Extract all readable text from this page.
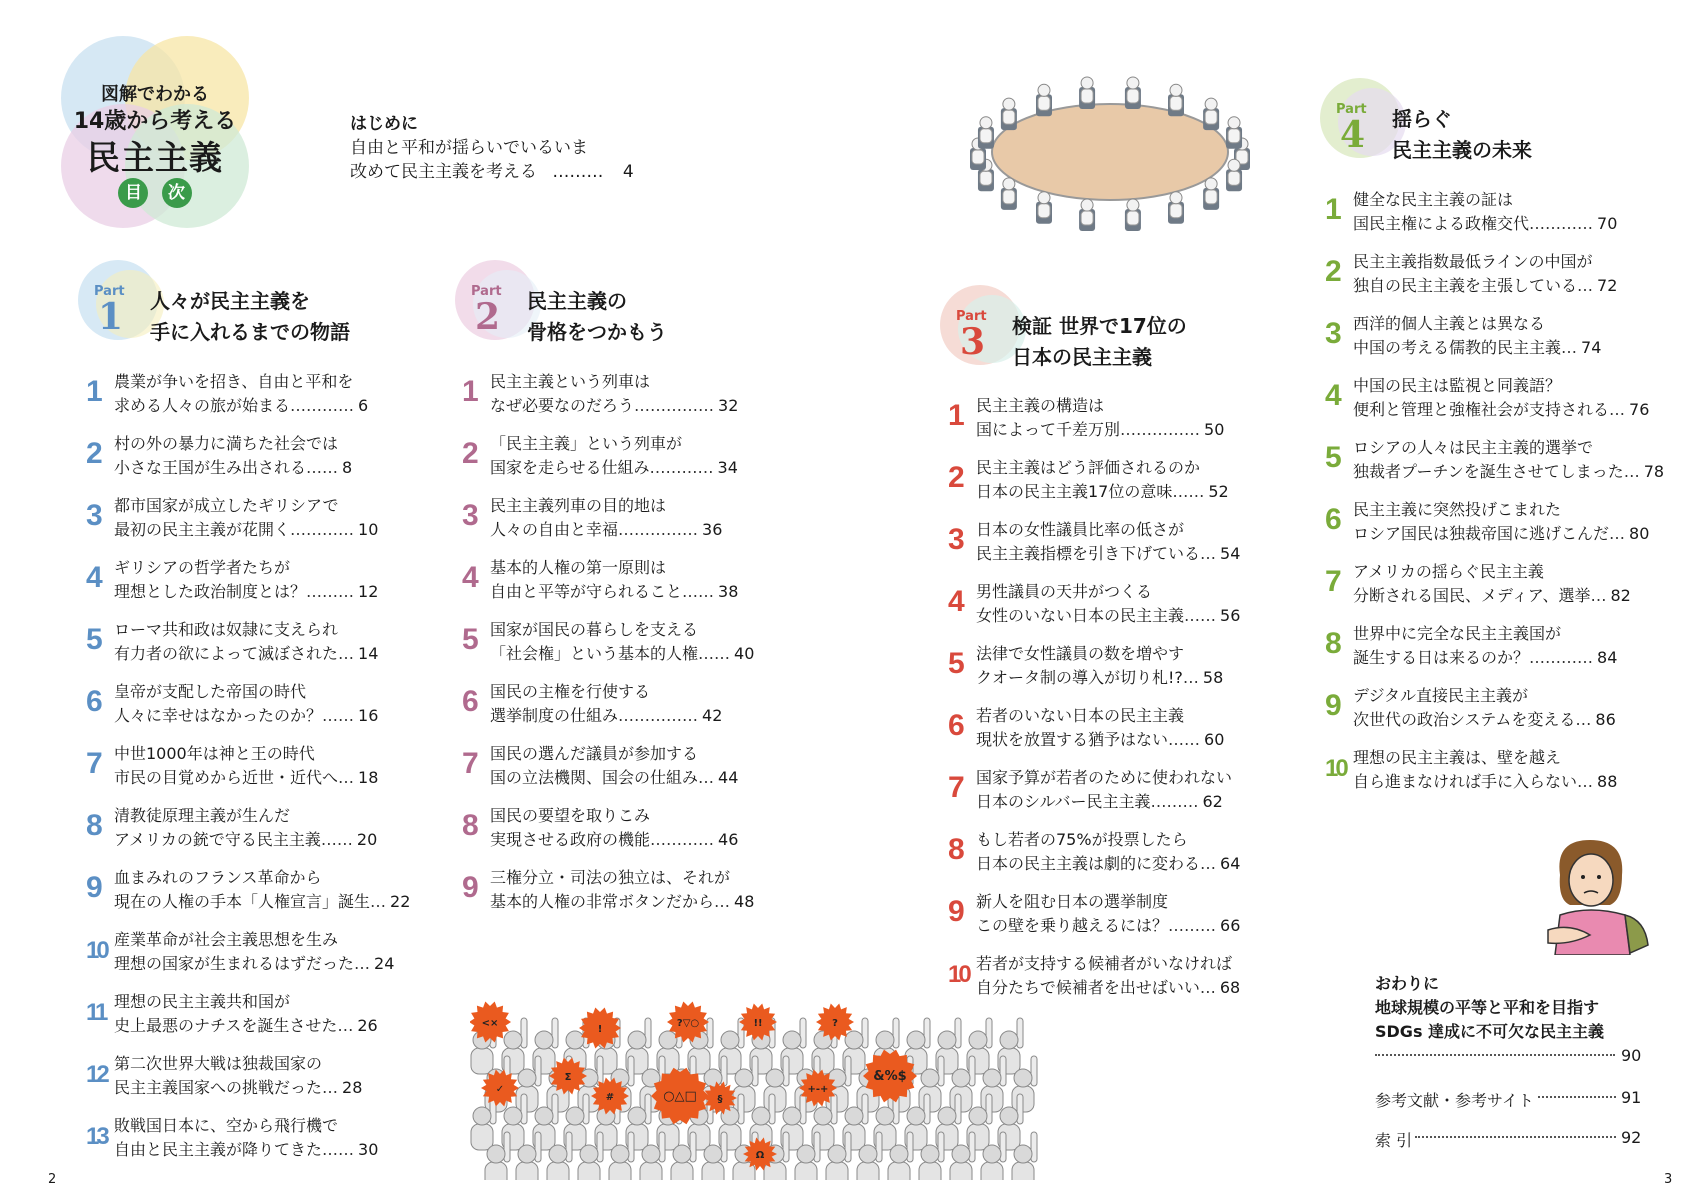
図解でわかる
14歳から考える
民主主義
目 次
はじめに
自由と平和が揺らいでいるいま
改めて民主主義を考える ……… 4
Part
1 人々が民主主義を
手に入れるまでの物語
1 農業が争いを招き、自由と平和を
求める人々の旅が始まる………… 6
2 村の外の暴力に満ちた社会では
小さな王国が生み出される…… 8
3 都市国家が成立したギリシアで
最初の民主主義が花開く………… 10
4 ギリシアの哲学者たちが
理想とした政治制度とは？……… 12
5 ローマ共和政は奴隷に支えられ
有力者の欲によって滅ぼされた… 14
6 皇帝が支配した帝国の時代
人々に幸せはなかったのか？…… 16
7 中世1000年は神と王の時代
市民の目覚めから近世・近代へ… 18
8 清教徒原理主義が生んだ
アメリカの銃で守る民主主義…… 20
9 血まみれのフランス革命から
現在の人権の手本「人権宣言」誕生… 22
10 産業革命が社会主義思想を生み
理想の国家が生まれるはずだった… 24
11 理想の民主主義共和国が
史上最悪のナチスを誕生させた… 26
12 第二次世界大戦は独裁国家の
民主主義国家への挑戦だった… 28
13 敗戦国日本に、空から飛行機で
自由と民主主義が降りてきた…… 30
Part
2 民主主義の
骨格をつかもう
1 民主主義という列車は
なぜ必要なのだろう…………… 32
2 「民主主義」という列車が
国家を走らせる仕組み………… 34
3 民主主義列車の目的地は
人々の自由と幸福…………… 36
4 基本的人権の第一原則は
自由と平等が守られること…… 38
5 国家が国民の暮らしを支える
「社会権」という基本的人権…… 40
6 国民の主権を行使する
選挙制度の仕組み…………… 42
7 国民の選んだ議員が参加する
国の立法機関、国会の仕組み… 44
8 国民の要望を取りこみ
実現させる政府の機能………… 46
9 三権分立・司法の独立は、それが
基本的人権の非常ボタンだから… 48
Part
3 検証 世界で17位の
日本の民主主義
1 民主主義の構造は
国によって千差万別…………… 50
2 民主主義はどう評価されるのか
日本の民主主義17位の意味…… 52
3 日本の女性議員比率の低さが
民主主義指標を引き下げている… 54
4 男性議員の天井がつくる
女性のいない日本の民主主義…… 56
5 法律で女性議員の数を増やす
クオータ制の導入が切り札!?… 58
6 若者のいない日本の民主主義
現状を放置する猶予はない…… 60
7 国家予算が若者のために使われない
日本のシルバー民主主義……… 62
8 もし若者の75%が投票したら
日本の民主主義は劇的に変わる… 64
9 新人を阻む日本の選挙制度
この壁を乗り越えるには？……… 66
10 若者が支持する候補者がいなければ
自分たちで候補者を出せばいい… 68
Part
4 揺らぐ
民主主義の未来
1 健全な民主主義の証は
国民主権による政権交代………… 70
2 民主主義指数最低ラインの中国が
独自の民主主義を主張している… 72
3 西洋的個人主義とは異なる
中国の考える儒教的民主主義… 74
4 中国の民主は監視と同義語？
便利と管理と強権社会が支持される… 76
5 ロシアの人々は民主主義的選挙で
独裁者プーチンを誕生させてしまった… 78
6 民主主義に突然投げこまれた
ロシア国民は独裁帝国に逃げこんだ… 80
7 アメリカの揺らぐ民主主義
分断される国民、メディア、選挙… 82
8 世界中に完全な民主主義国が
誕生する日は来るのか？………… 84
9 デジタル直接民主主義が
次世代の政治システムを変える… 86
10 理想の民主主義は、壁を越え
自ら進まなければ手に入らない… 88
<×
!
?▽○	!!	?
Σ
✓
#	○△□ §
+-+
&%$
Ω
おわりに
地球規模の平等と平和を目指す
SDGs 達成に不可欠な民主主義
90
参考文献・参考サイト	91
索 引	92
2	3
